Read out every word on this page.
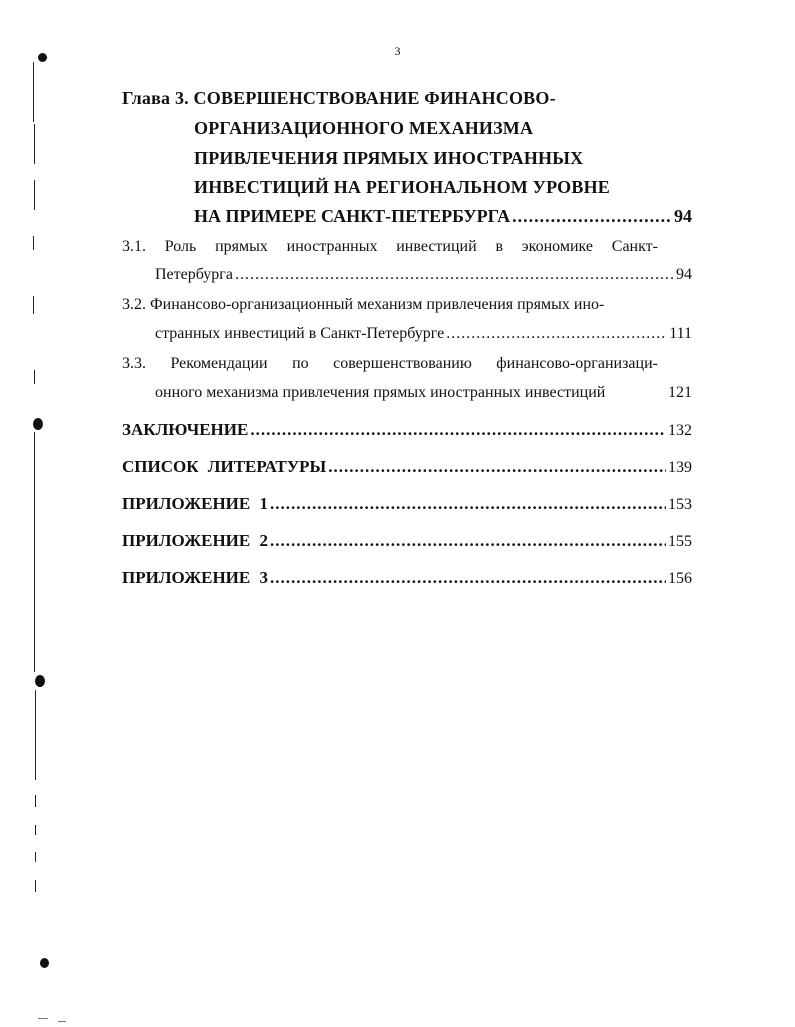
3
Глава 3. СОВЕРШЕНСТВОВАНИЕ ФИНАНСОВО-
ОРГАНИЗАЦИОННОГО МЕХАНИЗМА
ПРИВЛЕЧЕНИЯ ПРЯМЫХ ИНОСТРАННЫХ
ИНВЕСТИЦИЙ НА РЕГИОНАЛЬНОМ УРОВНЕ
НА ПРИМЕРЕ САНКТ-ПЕТЕРБУРГА .....	94
3.1. Роль прямых иностранных инвестиций в экономике Санкт-
Петербурга .....	94
3.2. Финансово-организационный механизм привлечения прямых ино-
странных инвестиций в Санкт-Петербурге .....	111
3.3. Рекомендации по совершенствованию финансово-организаци-
онного механизма привлечения прямых иностранных инвестиций	121
ЗАКЛЮЧЕНИЕ .....	132
СПИСОК ЛИТЕРАТУРЫ .....	139
ПРИЛОЖЕНИЕ 1 .....	153
ПРИЛОЖЕНИЕ 2 .....	155
ПРИЛОЖЕНИЕ 3 .....	156
